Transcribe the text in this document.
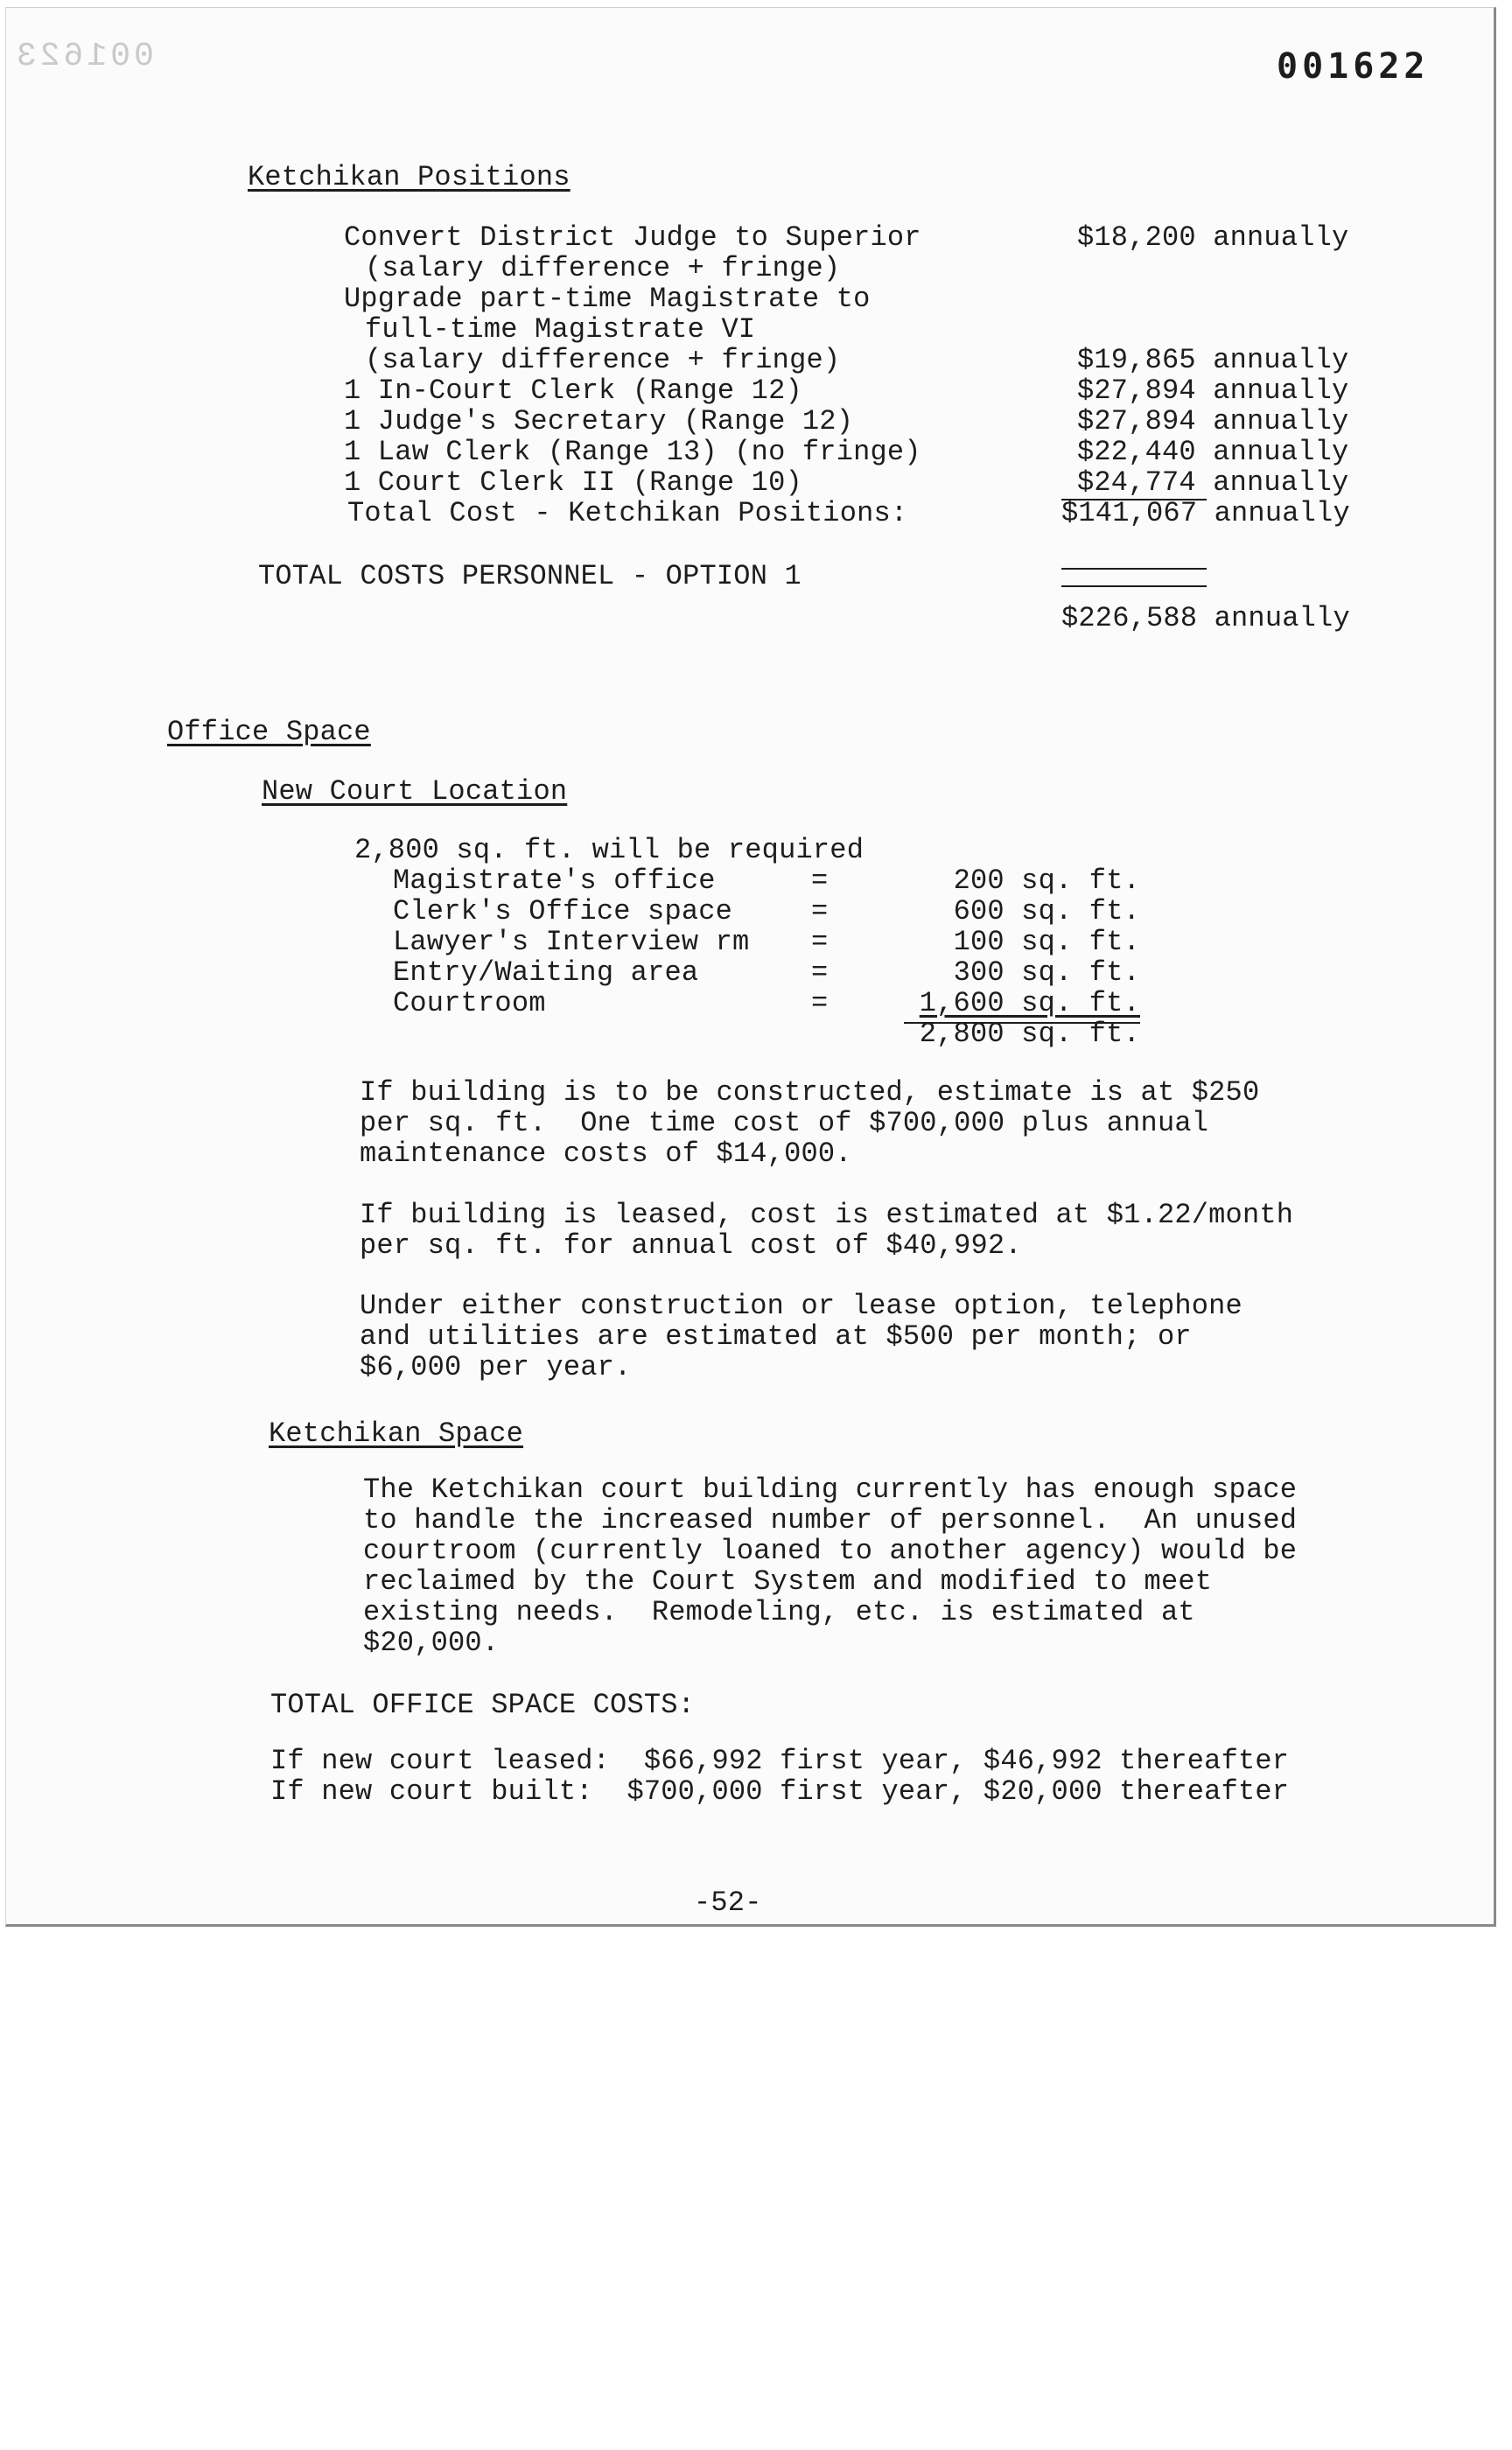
001623	001622
Ketchikan Positions
Convert District Judge to Superior	$18,200 annually
(salary difference + fringe)
Upgrade part-time Magistrate to
full-time Magistrate VI
(salary difference + fringe)	$19,865 annually
1 In-Court Clerk (Range 12)	$27,894 annually
1 Judge's Secretary (Range 12)	$27,894 annually
1 Law Clerk (Range 13) (no fringe)	$22,440 annually
1 Court Clerk II (Range 10)	$24,774 annually
Total Cost - Ketchikan Positions:	$141,067 annually
TOTAL COSTS PERSONNEL - OPTION 1
$226,588 annually
Office Space
New Court Location
2,800 sq. ft. will be required
Magistrate's office	=	200 sq. ft.
Clerk's Office space	=	600 sq. ft.
Lawyer's Interview rm =	100 sq. ft.
Entry/Waiting area	=	300 sq. ft.
Courtroom	=	1,600 sq. ft.
2,800 sq. ft.
If building is to be constructed, estimate is at $250
per sq. ft.  One time cost of $700,000 plus annual
maintenance costs of $14,000.
If building is leased, cost is estimated at $1.22/month
per sq. ft. for annual cost of $40,992.
Under either construction or lease option, telephone
and utilities are estimated at $500 per month; or
$6,000 per year.
Ketchikan Space
The Ketchikan court building currently has enough space
to handle the increased number of personnel.  An unused
courtroom (currently loaned to another agency) would be
reclaimed by the Court System and modified to meet
existing needs.  Remodeling, etc. is estimated at
$20,000.
TOTAL OFFICE SPACE COSTS:
If new court leased:  $66,992 first year, $46,992 thereafter
If new court built:  $700,000 first year, $20,000 thereafter
-52-
